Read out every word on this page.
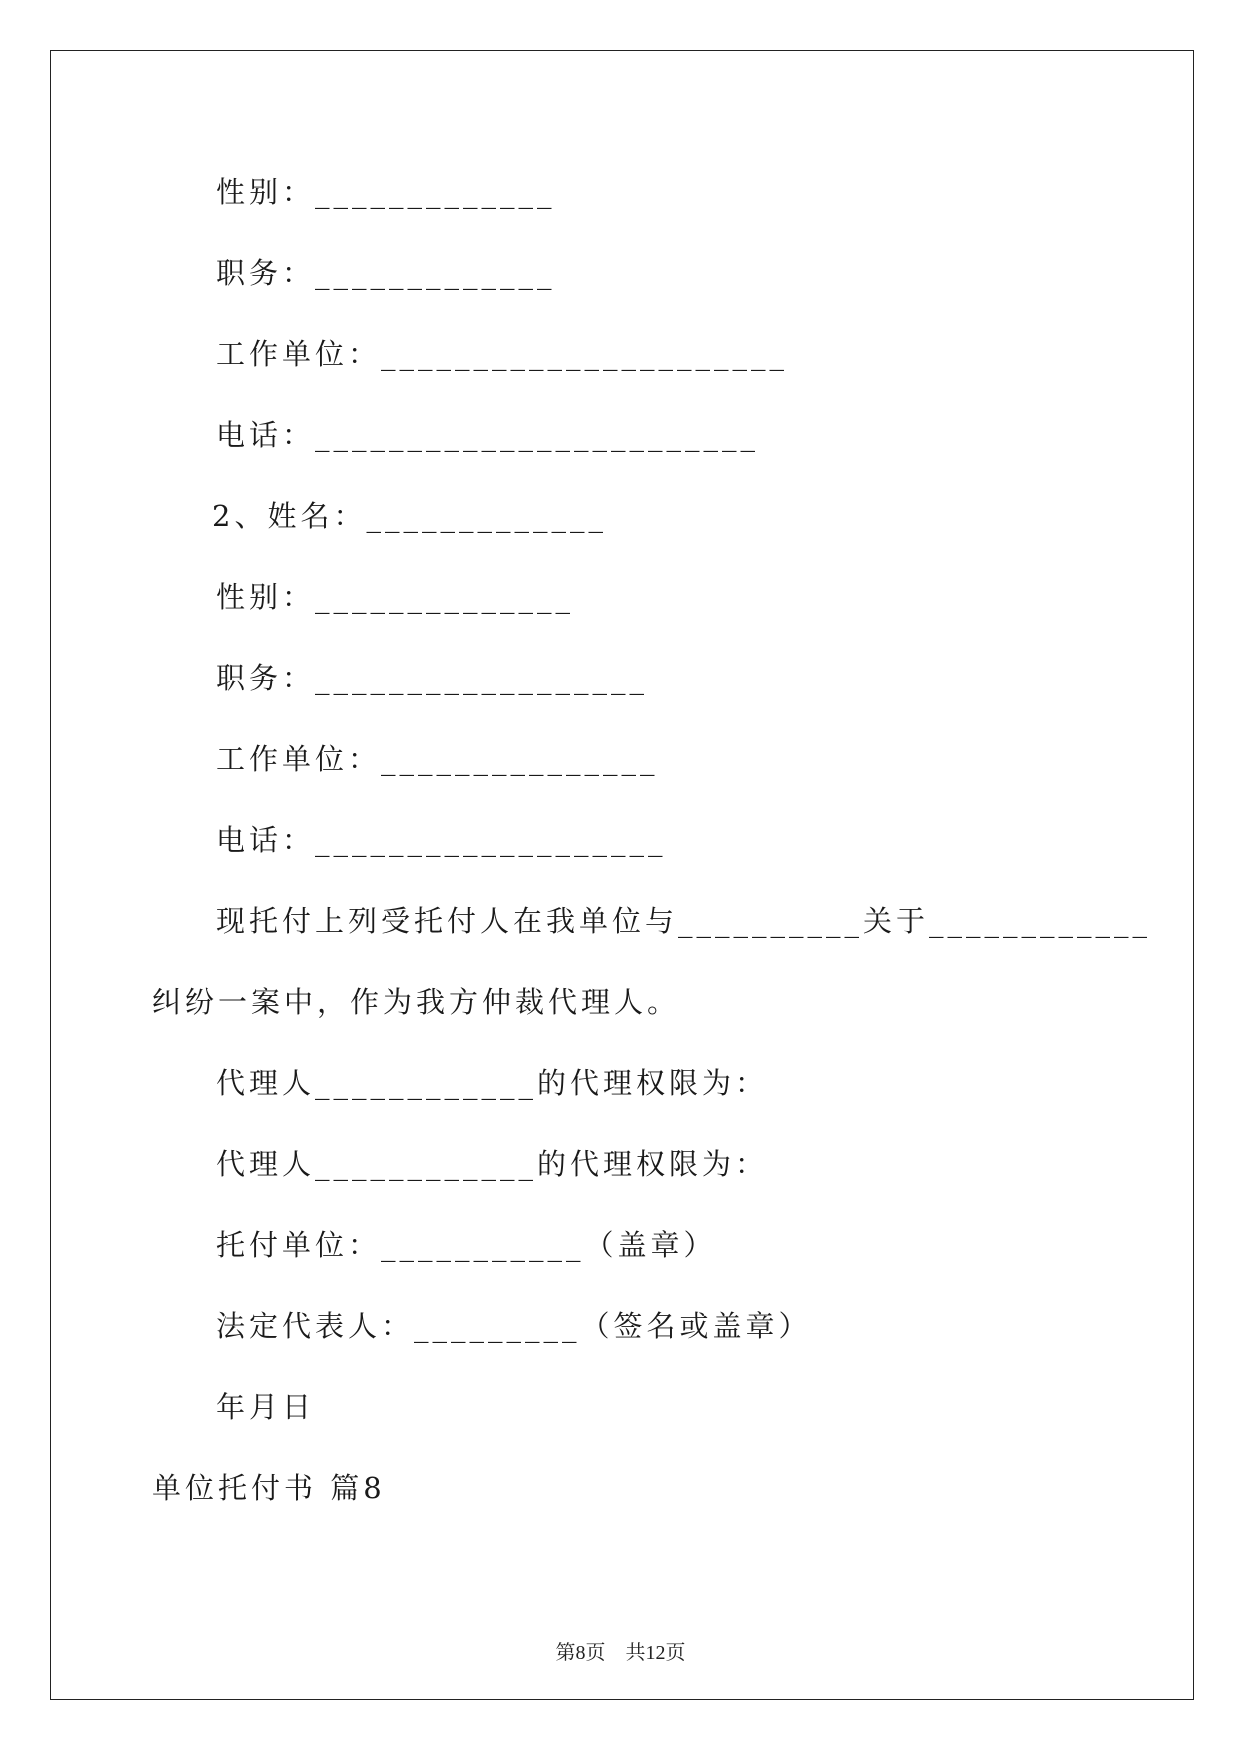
性别：_____________

职务：_____________

工作单位：______________________

电话：________________________

2、姓名：_____________

性别：______________

职务：__________________

工作单位：_______________

电话：___________________

现托付上列受托付人在我单位与__________关于____________

纠纷一案中，作为我方仲裁代理人。

代理人____________的代理权限为：

代理人____________的代理权限为：

托付单位：___________（盖章）

法定代表人：_________（签名或盖章）

年月日

单位托付书 篇8

第8页    共12页
